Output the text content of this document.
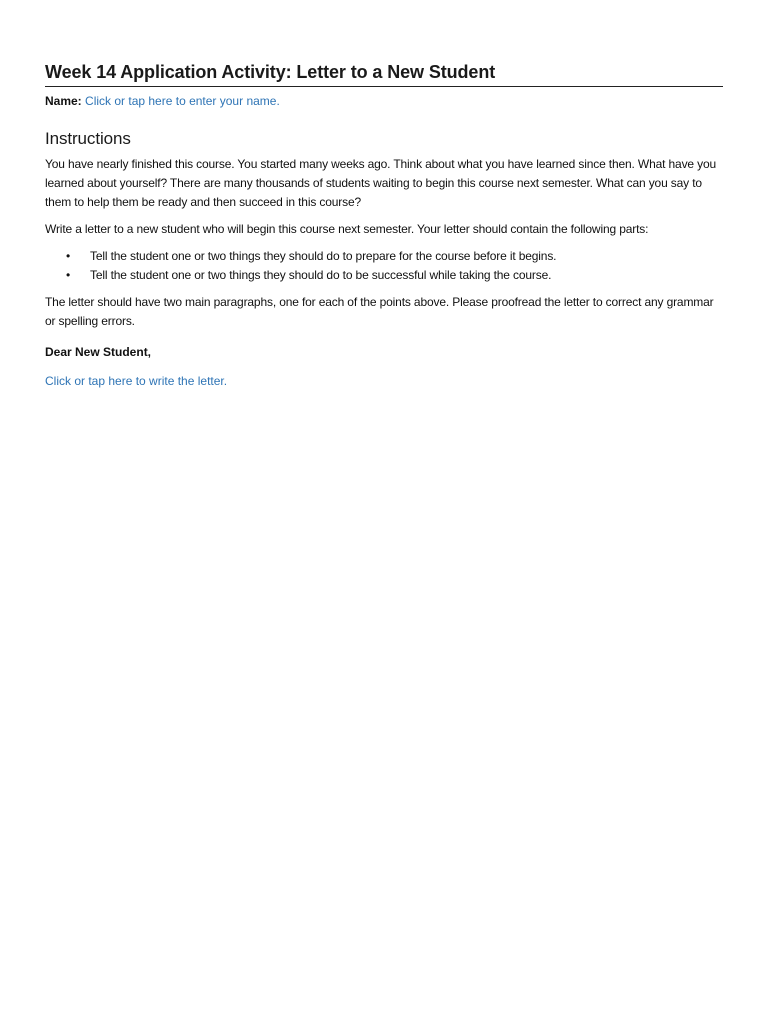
Week 14 Application Activity: Letter to a New Student
Name: Click or tap here to enter your name.
Instructions

You have nearly finished this course. You started many weeks ago. Think about what you have learned since then. What have you learned about yourself? There are many thousands of students waiting to begin this course next semester. What can you say to them to help them be ready and then succeed in this course?

Write a letter to a new student who will begin this course next semester. Your letter should contain the following parts:

• Tell the student one or two things they should do to prepare for the course before it begins.
• Tell the student one or two things they should do to be successful while taking the course.

The letter should have two main paragraphs, one for each of the points above. Please proofread the letter to correct any grammar or spelling errors.

Dear New Student,

Click or tap here to write the letter.
